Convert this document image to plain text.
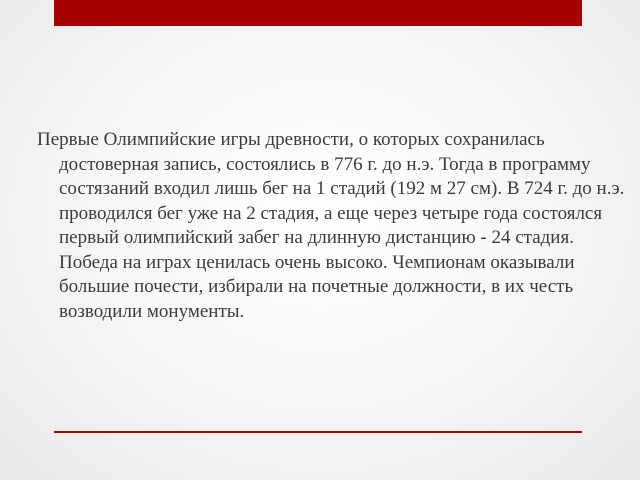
Первые Олимпийские игры древности, о которых сохранилась достоверная запись, состоялись в 776 г. до н.э. Тогда в программу состязаний входил лишь бег на 1 стадий (192 м 27 см). В 724 г. до н.э. проводился бег уже на 2 стадия, а еще через четыре года состоялся первый олимпийский забег на длинную дистанцию - 24 стадия. Победа на играх ценилась очень высоко. Чемпионам оказывали большие почести, избирали на почетные должности, в их честь возводили монументы.
